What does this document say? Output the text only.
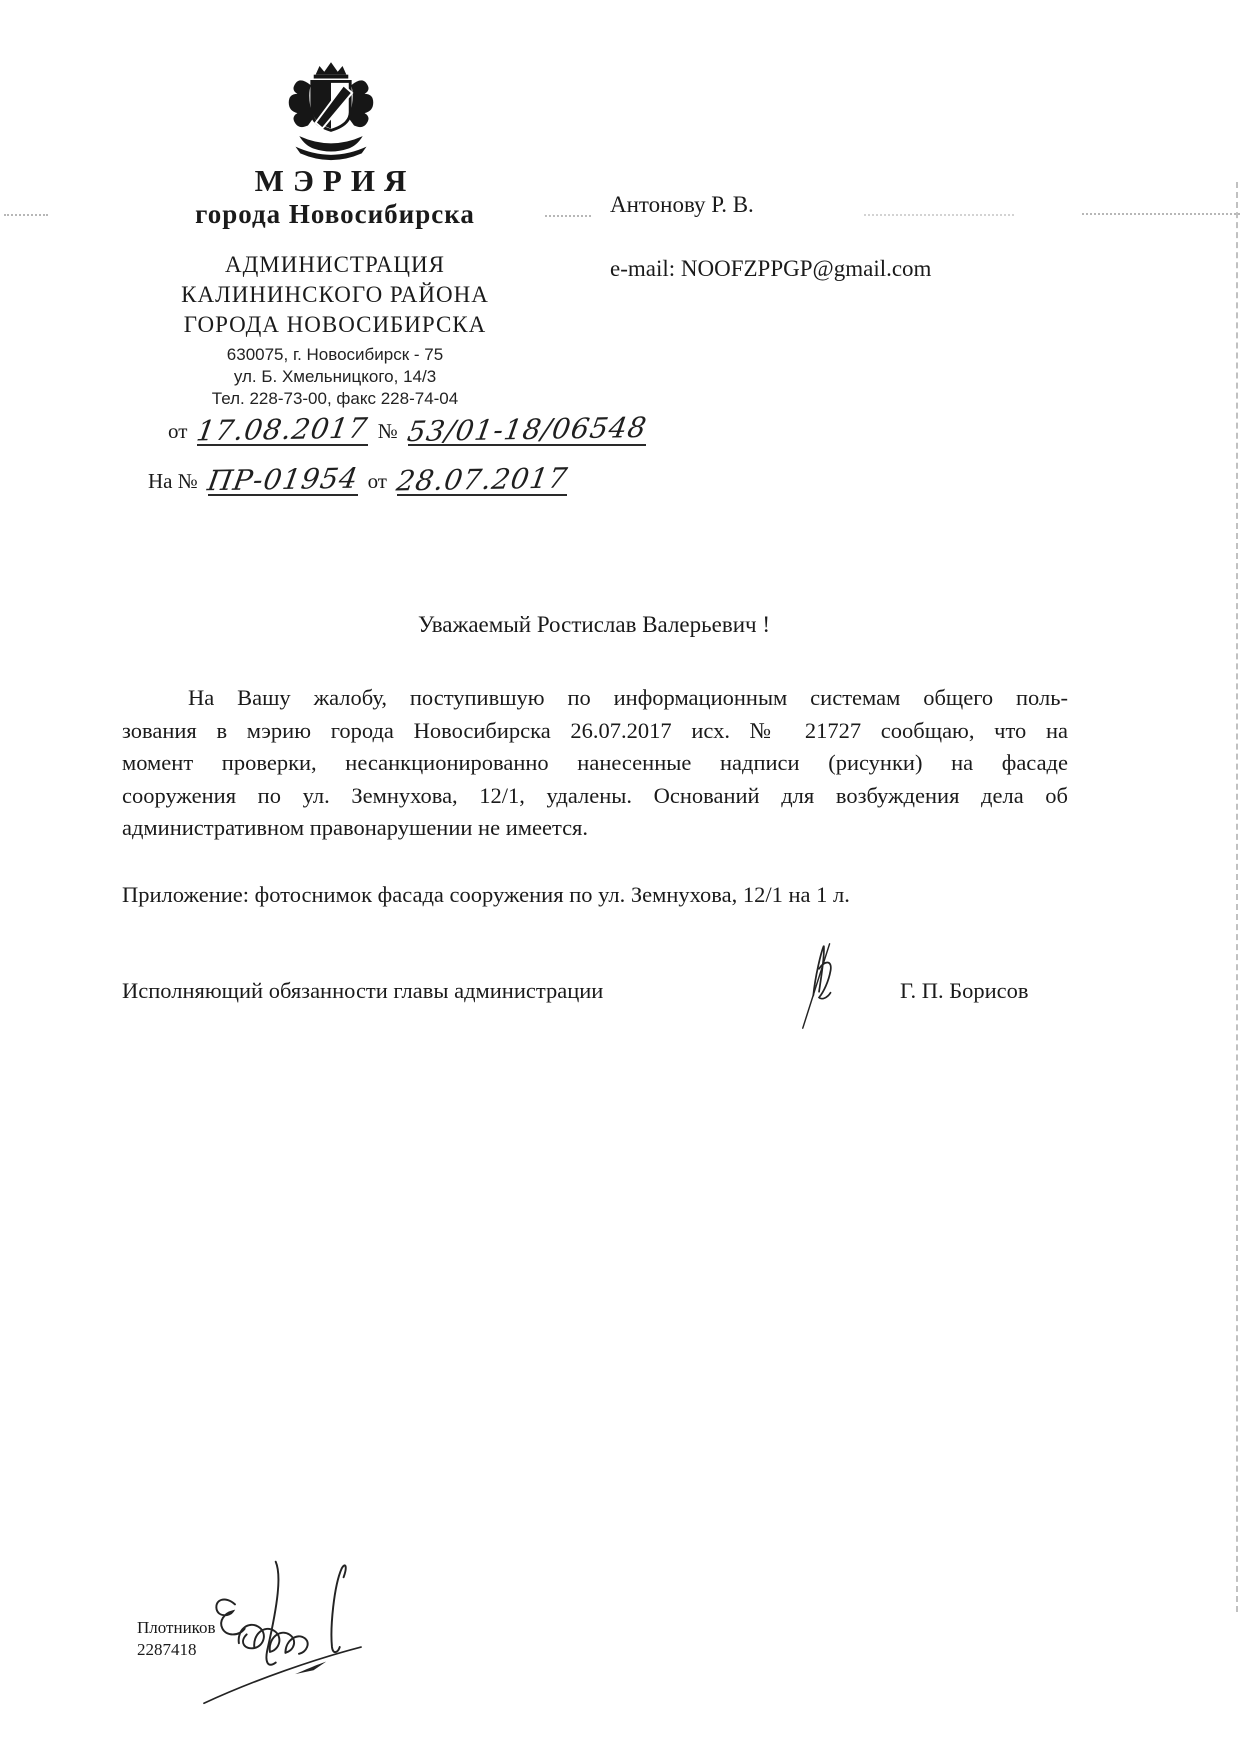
МЭРИЯ
города Новосибирска
АДМИНИСТРАЦИЯ
КАЛИНИНСКОГО РАЙОНА
ГОРОДА НОВОСИБИРСКА
630075, г. Новосибирск - 75
ул. Б. Хмельницкого, 14/3
Тел. 228-73-00, факс 228-74-04
от 17.08.2017 № 53/01-18/06548
На № ПР-01954 от 28.07.2017
Антонову Р. В.
e-mail: NOOFZPPGP@gmail.com
Уважаемый Ростислав Валерьевич !
На Вашу жалобу, поступившую по информационным системам общего поль-
зования в мэрию города Новосибирска 26.07.2017 исх. № 21727 сообщаю, что на
момент проверки, несанкционированно нанесенные надписи (рисунки) на фасаде
сооружения по ул. Земнухова, 12/1, удалены. Оснований для возбуждения дела об
административном правонарушении не имеется.
Приложение: фотоснимок фасада сооружения по ул. Земнухова, 12/1 на 1 л.
Исполняющий обязанности главы администрации	Г. П. Борисов
Плотников
2287418
